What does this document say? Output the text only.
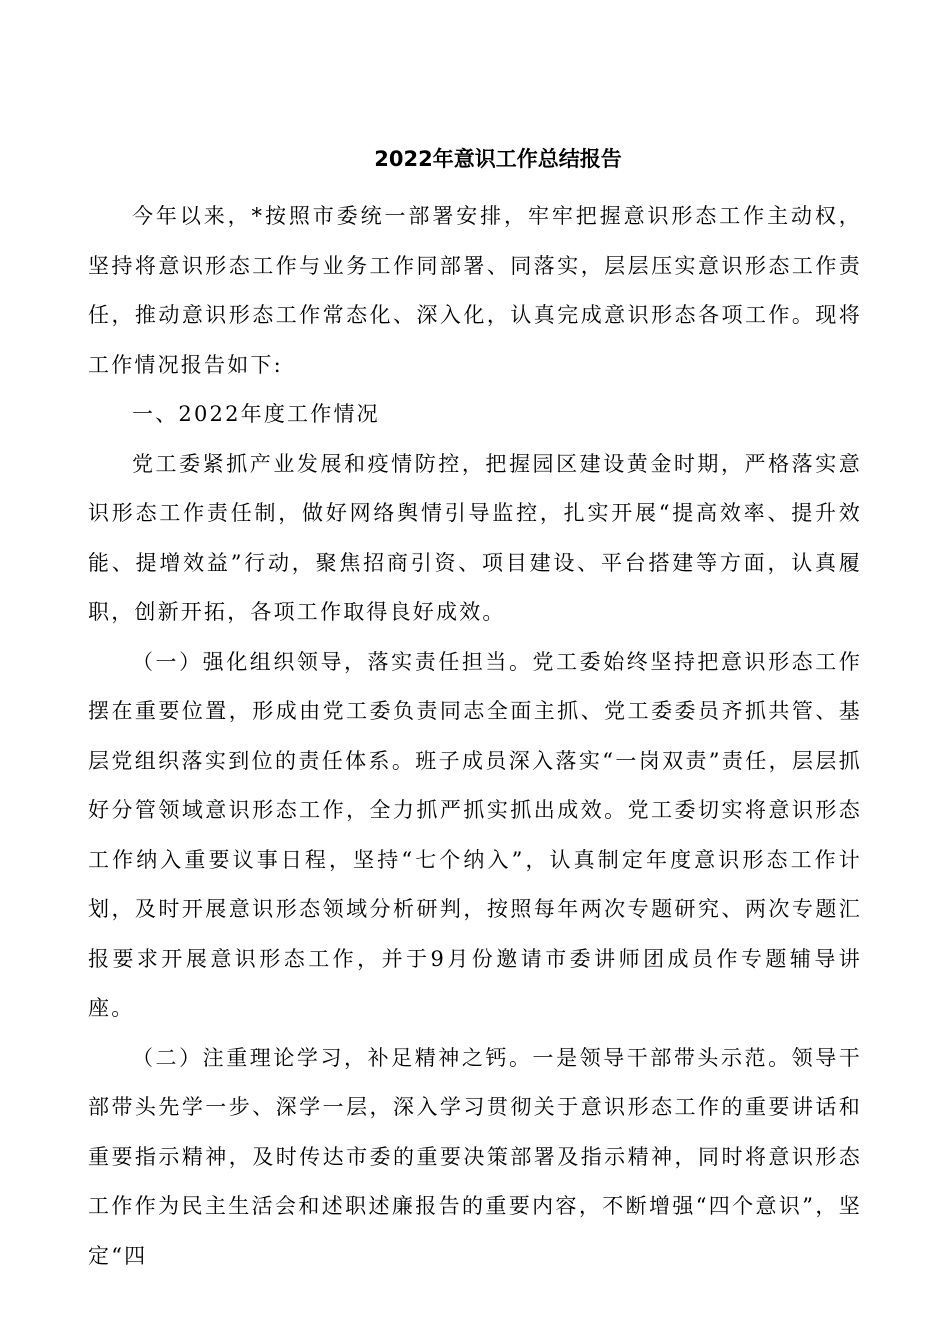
2022年意识工作总结报告

今年以来，*按照市委统一部署安排，牢牢把握意识形态工作主动权，坚持将意识形态工作与业务工作同部署、同落实，层层压实意识形态工作责任，推动意识形态工作常态化、深入化，认真完成意识形态各项工作。现将工作情况报告如下:

一、2022年度工作情况

党工委紧抓产业发展和疫情防控，把握园区建设黄金时期，严格落实意识形态工作责任制，做好网络舆情引导监控，扎实开展“提高效率、提升效能、提增效益”行动，聚焦招商引资、项目建设、平台搭建等方面，认真履职，创新开拓，各项工作取得良好成效。

（一）强化组织领导，落实责任担当。党工委始终坚持把意识形态工作摆在重要位置，形成由党工委负责同志全面主抓、党工委委员齐抓共管、基层党组织落实到位的责任体系。班子成员深入落实“一岗双责”责任，层层抓好分管领域意识形态工作，全力抓严抓实抓出成效。党工委切实将意识形态工作纳入重要议事日程，坚持“七个纳入”，认真制定年度意识形态工作计划，及时开展意识形态领域分析研判，按照每年两次专题研究、两次专题汇报要求开展意识形态工作，并于9月份邀请市委讲师团成员作专题辅导讲座。

（二）注重理论学习，补足精神之钙。一是领导干部带头示范。领导干部带头先学一步、深学一层，深入学习贯彻关于意识形态工作的重要讲话和重要指示精神，及时传达市委的重要决策部署及指示精神，同时将意识形态工作作为民主生活会和述职述廉报告的重要内容，不断增强“四个意识”，坚定“四
